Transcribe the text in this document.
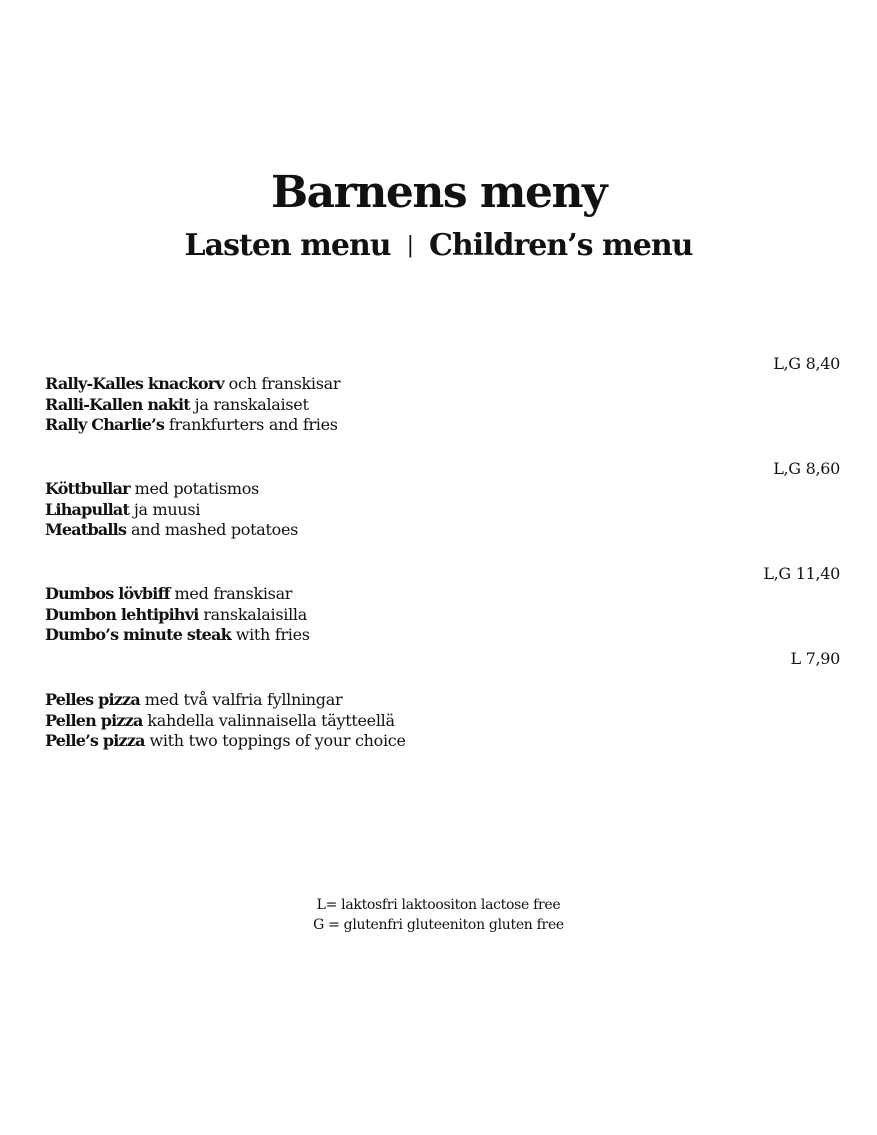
Barnens meny
Lasten menu | Children’s menu
L,G 8,40
Rally-Kalles knackorv och franskisar
Ralli-Kallen nakit ja ranskalaiset
Rally Charlie’s frankfurters and fries
L,G 8,60
Köttbullar med potatismos
Lihapullat ja muusi
Meatballs and mashed potatoes
L,G 11,40
Dumbos lövbiff med franskisar
Dumbon lehtipihvi ranskalaisilla
Dumbo’s minute steak with fries
L 7,90
Pelles pizza med två valfria fyllningar
Pellen pizza kahdella valinnaisella täytteellä
Pelle’s pizza with two toppings of your choice
L= laktosfri laktoositon lactose free
G = glutenfri gluteeniton gluten free
